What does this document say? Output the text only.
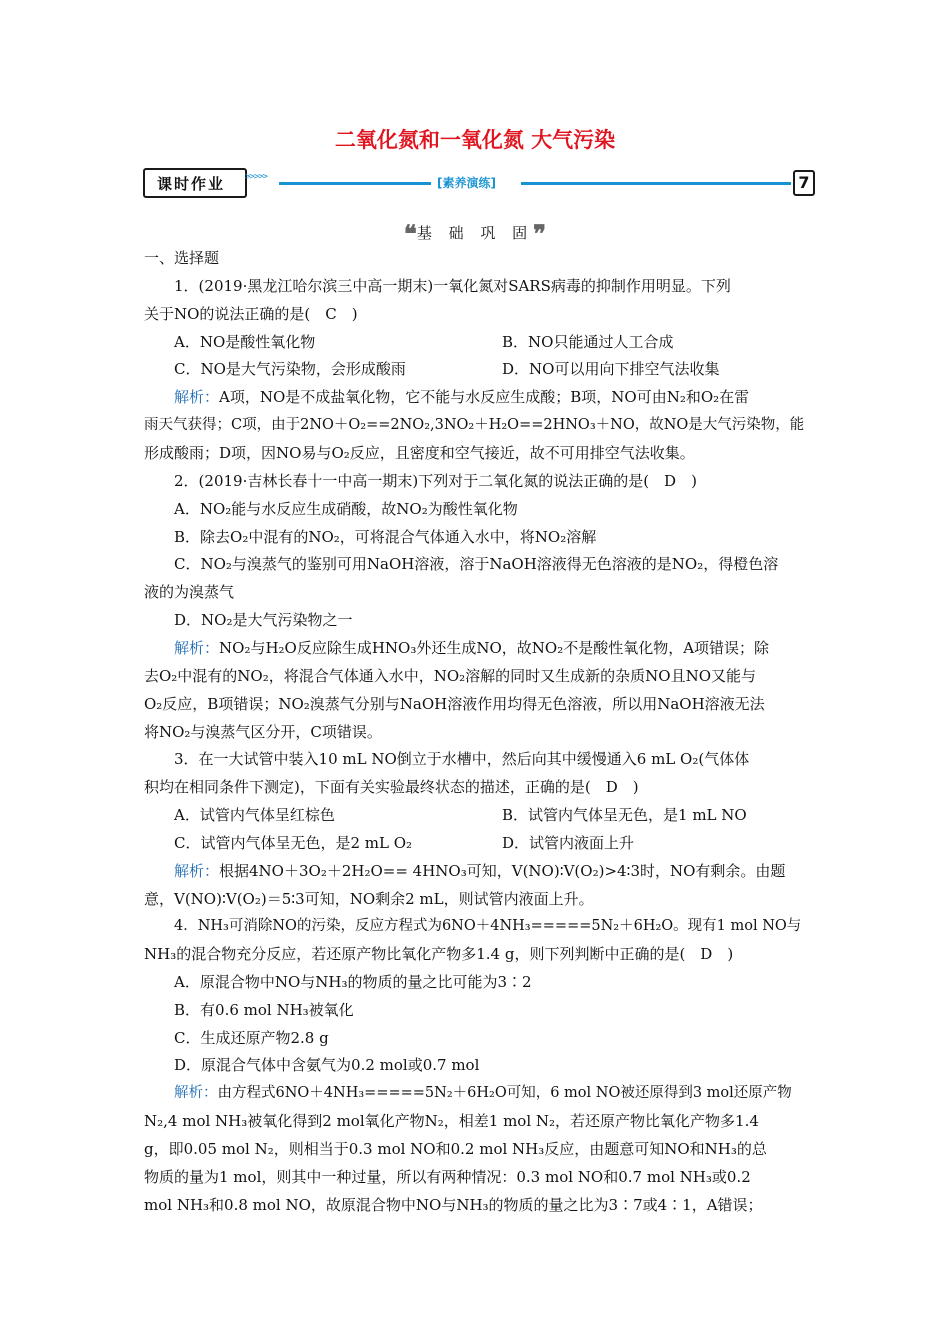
二氧化氮和一氧化氮 大气污染
课时作业	>>>>>	[素养演练]	7
❝基 础 巩 固❞
一、选择题
1．(2019·黑龙江哈尔滨三中高一期末)一氧化氮对SARS病毒的抑制作用明显。下列
关于NO的说法正确的是(　C　)
A．NO是酸性氧化物	B．NO只能通过人工合成
C．NO是大气污染物，会形成酸雨	D．NO可以用向下排空气法收集
解析：A项，NO是不成盐氧化物，它不能与水反应生成酸；B项，NO可由N₂和O₂在雷
雨天气获得；C项，由于2NO＋O₂==2NO₂,3NO₂＋H₂O==2HNO₃＋NO，故NO是大气污染物，能
形成酸雨；D项，因NO易与O₂反应，且密度和空气接近，故不可用排空气法收集。
2．(2019·吉林长春十一中高一期末)下列对于二氧化氮的说法正确的是(　D　)
A．NO₂能与水反应生成硝酸，故NO₂为酸性氧化物
B．除去O₂中混有的NO₂，可将混合气体通入水中，将NO₂溶解
C．NO₂与溴蒸气的鉴别可用NaOH溶液，溶于NaOH溶液得无色溶液的是NO₂，得橙色溶
液的为溴蒸气
D．NO₂是大气污染物之一
解析：NO₂与H₂O反应除生成HNO₃外还生成NO，故NO₂不是酸性氧化物，A项错误；除
去O₂中混有的NO₂，将混合气体通入水中，NO₂溶解的同时又生成新的杂质NO且NO又能与
O₂反应，B项错误；NO₂溴蒸气分别与NaOH溶液作用均得无色溶液，所以用NaOH溶液无法
将NO₂与溴蒸气区分开，C项错误。
3．在一大试管中装入10 mL NO倒立于水槽中，然后向其中缓慢通入6 mL O₂(气体体
积均在相同条件下测定)，下面有关实验最终状态的描述，正确的是(　D　)
A．试管内气体呈红棕色	B．试管内气体呈无色，是1 mL NO
C．试管内气体呈无色，是2 mL O₂	D．试管内液面上升
解析：根据4NO＋3O₂＋2H₂O== 4HNO₃可知，V(NO)∶V(O₂)>4∶3时，NO有剩余。由题
意，V(NO)∶V(O₂)＝5∶3可知，NO剩余2 mL，则试管内液面上升。
4．NH₃可消除NO的污染，反应方程式为6NO＋4NH₃=====5N₂＋6H₂O。现有1 mol NO与
NH₃的混合物充分反应，若还原产物比氧化产物多1.4 g，则下列判断中正确的是(　D　)
A．原混合物中NO与NH₃的物质的量之比可能为3∶2
B．有0.6 mol NH₃被氧化
C．生成还原产物2.8 g
D．原混合气体中含氨气为0.2 mol或0.7 mol
解析：由方程式6NO＋4NH₃=====5N₂＋6H₂O可知，6 mol NO被还原得到3 mol还原产物
N₂,4 mol NH₃被氧化得到2 mol氧化产物N₂，相差1 mol N₂，若还原产物比氧化产物多1.4
g，即0.05 mol N₂，则相当于0.3 mol NO和0.2 mol NH₃反应，由题意可知NO和NH₃的总
物质的量为1 mol，则其中一种过量，所以有两种情况：0.3 mol NO和0.7 mol NH₃或0.2
mol NH₃和0.8 mol NO，故原混合物中NO与NH₃的物质的量之比为3∶7或4∶1，A错误；
